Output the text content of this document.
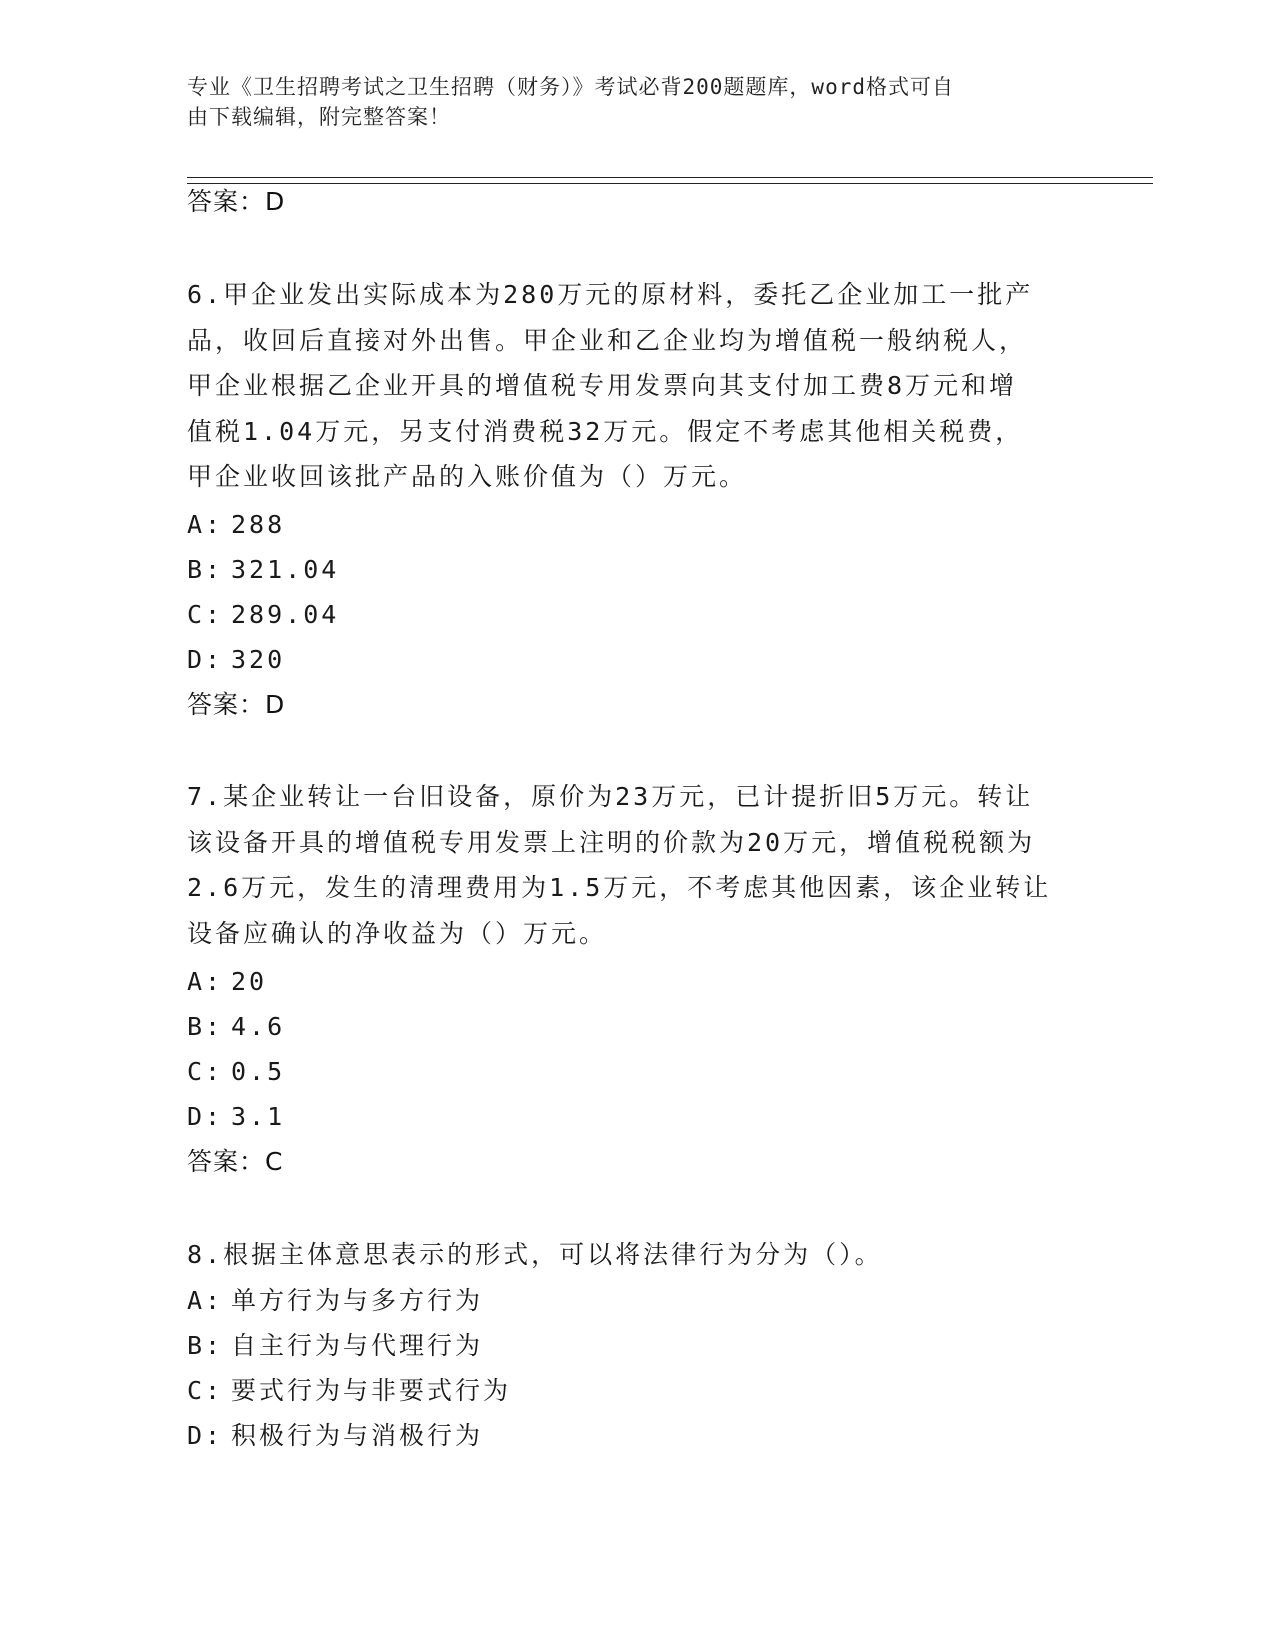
专业《卫生招聘考试之卫生招聘（财务）》考试必背200题题库，word格式可自
由下载编辑，附完整答案！
答案：D
6.甲企业发出实际成本为280万元的原材料，委托乙企业加工一批产
品，收回后直接对外出售。甲企业和乙企业均为增值税一般纳税人，
甲企业根据乙企业开具的增值税专用发票向其支付加工费8万元和增
值税1.04万元，另支付消费税32万元。假定不考虑其他相关税费，
甲企业收回该批产品的入账价值为（）万元。
A: 288
B: 321.04
C: 289.04
D: 320
答案：D
7.某企业转让一台旧设备，原价为23万元，已计提折旧5万元。转让
该设备开具的增值税专用发票上注明的价款为20万元，增值税税额为
2.6万元，发生的清理费用为1.5万元，不考虑其他因素，该企业转让
设备应确认的净收益为（）万元。
A: 20
B: 4.6
C: 0.5
D: 3.1
答案：C
8.根据主体意思表示的形式，可以将法律行为分为（）。
A: 单方行为与多方行为
B: 自主行为与代理行为
C: 要式行为与非要式行为
D: 积极行为与消极行为
